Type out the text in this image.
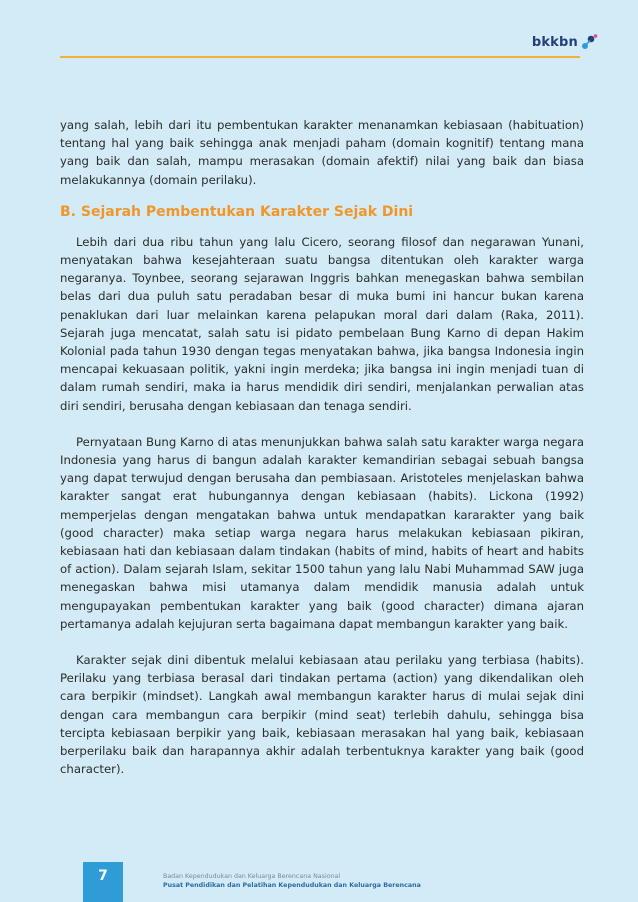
bkkbn

yang salah, lebih dari itu pembentukan karakter menanamkan kebiasaan (habituation) tentang hal yang baik sehingga anak menjadi paham (domain kognitif) tentang mana yang baik dan salah, mampu merasakan (domain afektif) nilai yang baik dan biasa melakukannya (domain perilaku).

B. Sejarah Pembentukan Karakter Sejak Dini

Lebih dari dua ribu tahun yang lalu Cicero, seorang filosof dan negarawan Yunani, menyatakan bahwa kesejahteraan suatu bangsa ditentukan oleh karakter warga negaranya. Toynbee, seorang sejarawan Inggris bahkan menegaskan bahwa sembilan belas dari dua puluh satu peradaban besar di muka bumi ini hancur bukan karena penaklukan dari luar melainkan karena pelapukan moral dari dalam (Raka, 2011). Sejarah juga mencatat, salah satu isi pidato pembelaan Bung Karno di depan Hakim Kolonial pada tahun 1930 dengan tegas menyatakan bahwa, jika bangsa Indonesia ingin mencapai kekuasaan politik, yakni ingin merdeka; jika bangsa ini ingin menjadi tuan di dalam rumah sendiri, maka ia harus mendidik diri sendiri, menjalankan perwalian atas diri sendiri, berusaha dengan kebiasaan dan tenaga sendiri.

Pernyataan Bung Karno di atas menunjukkan bahwa salah satu karakter warga negara Indonesia yang harus di bangun adalah karakter kemandirian sebagai sebuah bangsa yang dapat terwujud dengan berusaha dan pembiasaan. Aristoteles menjelaskan bahwa karakter sangat erat hubungannya dengan kebiasaan (habits). Lickona (1992) memperjelas dengan mengatakan bahwa untuk mendapatkan kararakter yang baik (good character) maka setiap warga negara harus melakukan kebiasaan pikiran, kebiasaan hati dan kebiasaan dalam tindakan (habits of mind, habits of heart and habits of action). Dalam sejarah Islam, sekitar 1500 tahun yang lalu Nabi Muhammad SAW juga menegaskan bahwa misi utamanya dalam mendidik manusia adalah untuk mengupayakan pembentukan karakter yang baik (good character) dimana ajaran pertamanya adalah kejujuran serta bagaimana dapat membangun karakter yang baik.

Karakter sejak dini dibentuk melalui kebiasaan atau perilaku yang terbiasa (habits). Perilaku yang terbiasa berasal dari tindakan pertama (action) yang dikendalikan oleh cara berpikir (mindset). Langkah awal membangun karakter harus di mulai sejak dini dengan cara membangun cara berpikir (mind seat) terlebih dahulu, sehingga bisa tercipta kebiasaan berpikir yang baik, kebiasaan merasakan hal yang baik, kebiasaan berperilaku baik dan harapannya akhir adalah terbentuknya karakter yang baik (good character).

7	Badan Kependudukan dan Keluarga Berencana Nasional
Pusat Pendidikan dan Pelatihan Kependudukan dan Keluarga Berencana
